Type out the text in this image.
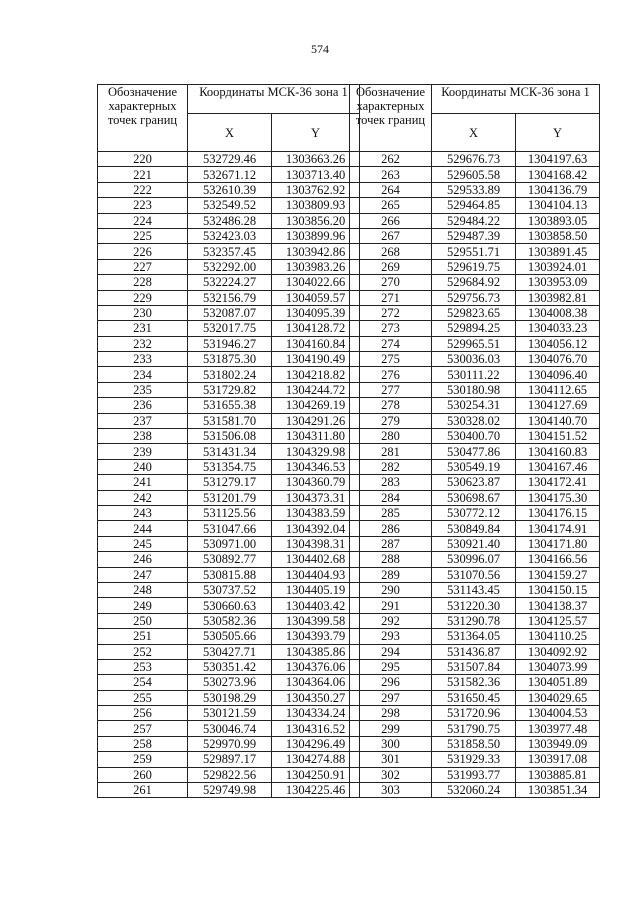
574
Обозначение характерных точек границ	Координаты МСК-36 зона 1	
	X	Y
220	532729.46	1303663.26
221	532671.12	1303713.40
222	532610.39	1303762.92
223	532549.52	1303809.93
224	532486.28	1303856.20
225	532423.03	1303899.96
226	532357.45	1303942.86
227	532292.00	1303983.26
228	532224.27	1304022.66
229	532156.79	1304059.57
230	532087.07	1304095.39
231	532017.75	1304128.72
232	531946.27	1304160.84
233	531875.30	1304190.49
234	531802.24	1304218.82
235	531729.82	1304244.72
236	531655.38	1304269.19
237	531581.70	1304291.26
238	531506.08	1304311.80
239	531431.34	1304329.98
240	531354.75	1304346.53
241	531279.17	1304360.79
242	531201.79	1304373.31
243	531125.56	1304383.59
244	531047.66	1304392.04
245	530971.00	1304398.31
246	530892.77	1304402.68
247	530815.88	1304404.93
248	530737.52	1304405.19
249	530660.63	1304403.42
250	530582.36	1304399.58
251	530505.66	1304393.79
252	530427.71	1304385.86
253	530351.42	1304376.06
254	530273.96	1304364.06
255	530198.29	1304350.27
256	530121.59	1304334.24
257	530046.74	1304316.52
258	529970.99	1304296.49
259	529897.17	1304274.88
260	529822.56	1304250.91
261	529749.98	1304225.46
Обозначение характерных точек границ	Координаты МСК-36 зона 1	
	X	Y
262	529676.73	1304197.63
263	529605.58	1304168.42
264	529533.89	1304136.79
265	529464.85	1304104.13
266	529484.22	1303893.05
267	529487.39	1303858.50
268	529551.71	1303891.45
269	529619.75	1303924.01
270	529684.92	1303953.09
271	529756.73	1303982.81
272	529823.65	1304008.38
273	529894.25	1304033.23
274	529965.51	1304056.12
275	530036.03	1304076.70
276	530111.22	1304096.40
277	530180.98	1304112.65
278	530254.31	1304127.69
279	530328.02	1304140.70
280	530400.70	1304151.52
281	530477.86	1304160.83
282	530549.19	1304167.46
283	530623.87	1304172.41
284	530698.67	1304175.30
285	530772.12	1304176.15
286	530849.84	1304174.91
287	530921.40	1304171.80
288	530996.07	1304166.56
289	531070.56	1304159.27
290	531143.45	1304150.15
291	531220.30	1304138.37
292	531290.78	1304125.57
293	531364.05	1304110.25
294	531436.87	1304092.92
295	531507.84	1304073.99
296	531582.36	1304051.89
297	531650.45	1304029.65
298	531720.96	1304004.53
299	531790.75	1303977.48
300	531858.50	1303949.09
301	531929.33	1303917.08
302	531993.77	1303885.81
303	532060.24	1303851.34
